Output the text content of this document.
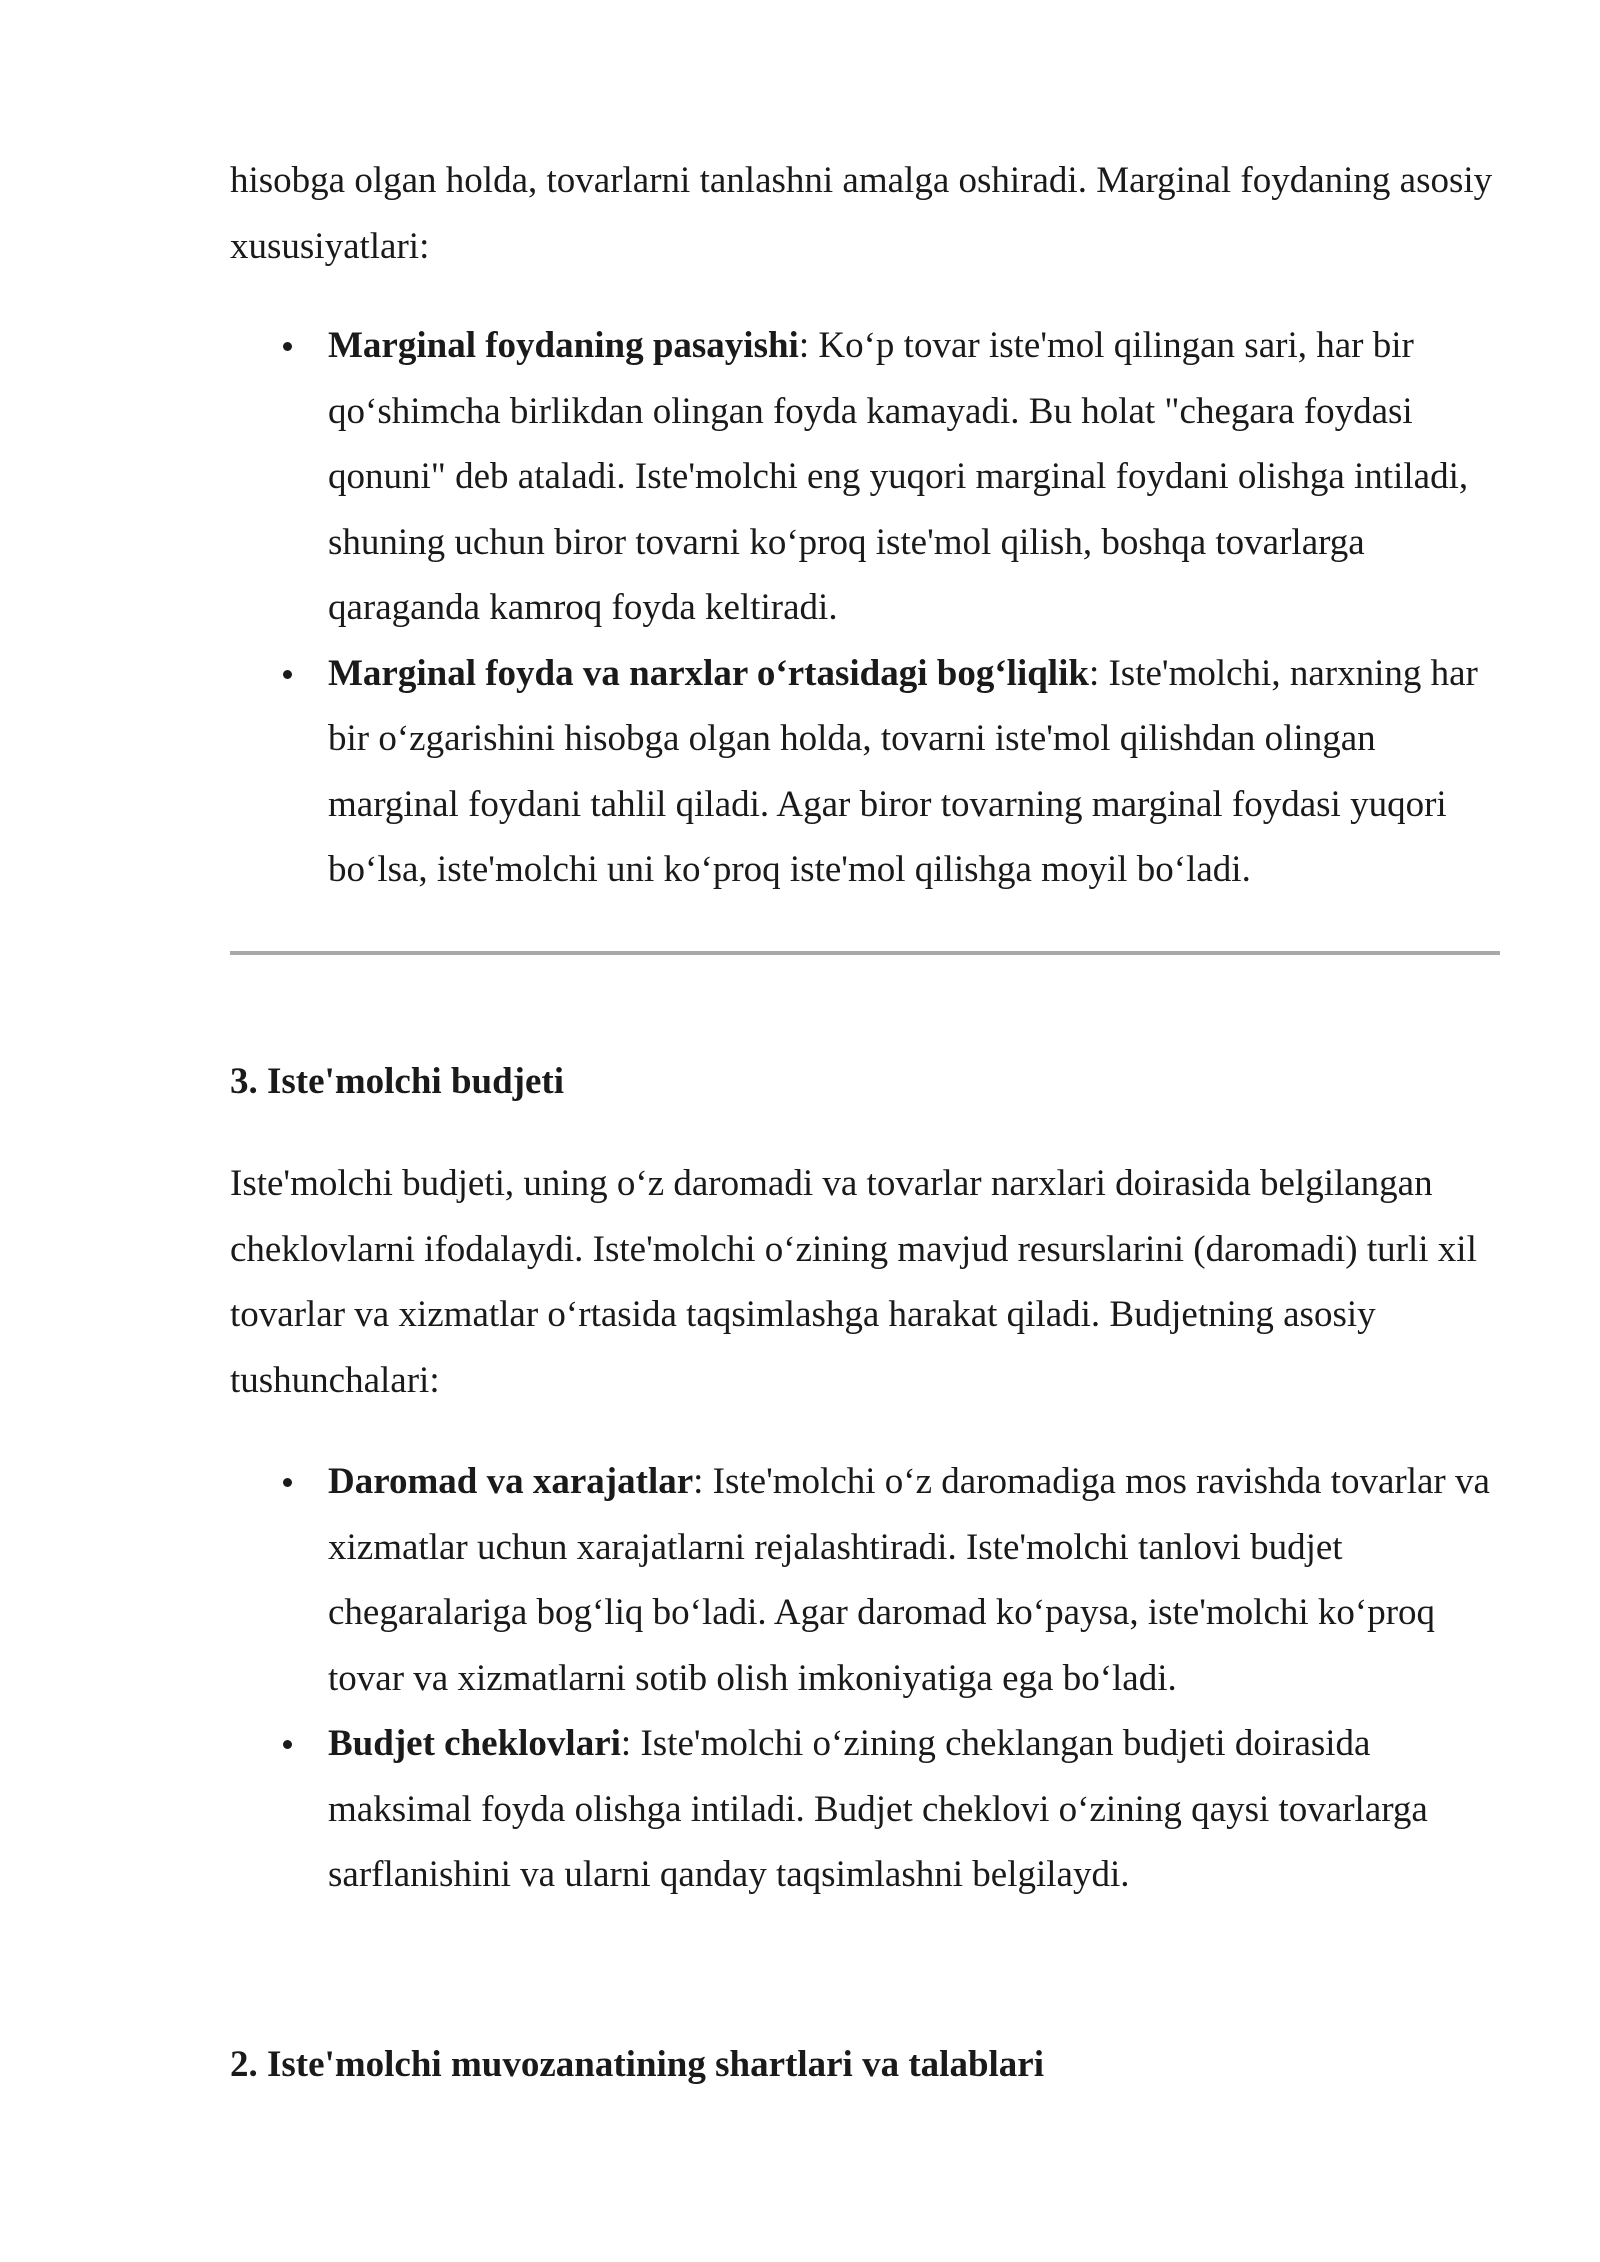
hisobga olgan holda, tovarlarni tanlashni amalga oshiradi. Marginal foydaning asosiy xususiyatlari:

Marginal foydaning pasayishi: Ko‘p tovar iste'mol qilingan sari, har bir qo‘shimcha birlikdan olingan foyda kamayadi. Bu holat "chegara foydasi qonuni" deb ataladi. Iste'molchi eng yuqori marginal foydani olishga intiladi, shuning uchun biror tovarni ko‘proq iste'mol qilish, boshqa tovarlarga qaraganda kamroq foyda keltiradi.
Marginal foyda va narxlar o‘rtasidagi bog‘liqlik: Iste'molchi, narxning har bir o‘zgarishini hisobga olgan holda, tovarni iste'mol qilishdan olingan marginal foydani tahlil qiladi. Agar biror tovarning marginal foydasi yuqori bo‘lsa, iste'molchi uni ko‘proq iste'mol qilishga moyil bo‘ladi.
3. Iste'molchi budjeti

Iste'molchi budjeti, uning o‘z daromadi va tovarlar narxlari doirasida belgilangan cheklovlarni ifodalaydi. Iste'molchi o‘zining mavjud resurslarini (daromadi) turli xil tovarlar va xizmatlar o‘rtasida taqsimlashga harakat qiladi. Budjetning asosiy tushunchalari:

Daromad va xarajatlar: Iste'molchi o‘z daromadiga mos ravishda tovarlar va xizmatlar uchun xarajatlarni rejalashtiradi. Iste'molchi tanlovi budjet chegaralariga bog‘liq bo‘ladi. Agar daromad ko‘paysa, iste'molchi ko‘proq tovar va xizmatlarni sotib olish imkoniyatiga ega bo‘ladi.
Budjet cheklovlari: Iste'molchi o‘zining cheklangan budjeti doirasida maksimal foyda olishga intiladi. Budjet cheklovi o‘zining qaysi tovarlarga sarflanishini va ularni qanday taqsimlashni belgilaydi.
2. Iste'molchi muvozanatining shartlari va talablari
